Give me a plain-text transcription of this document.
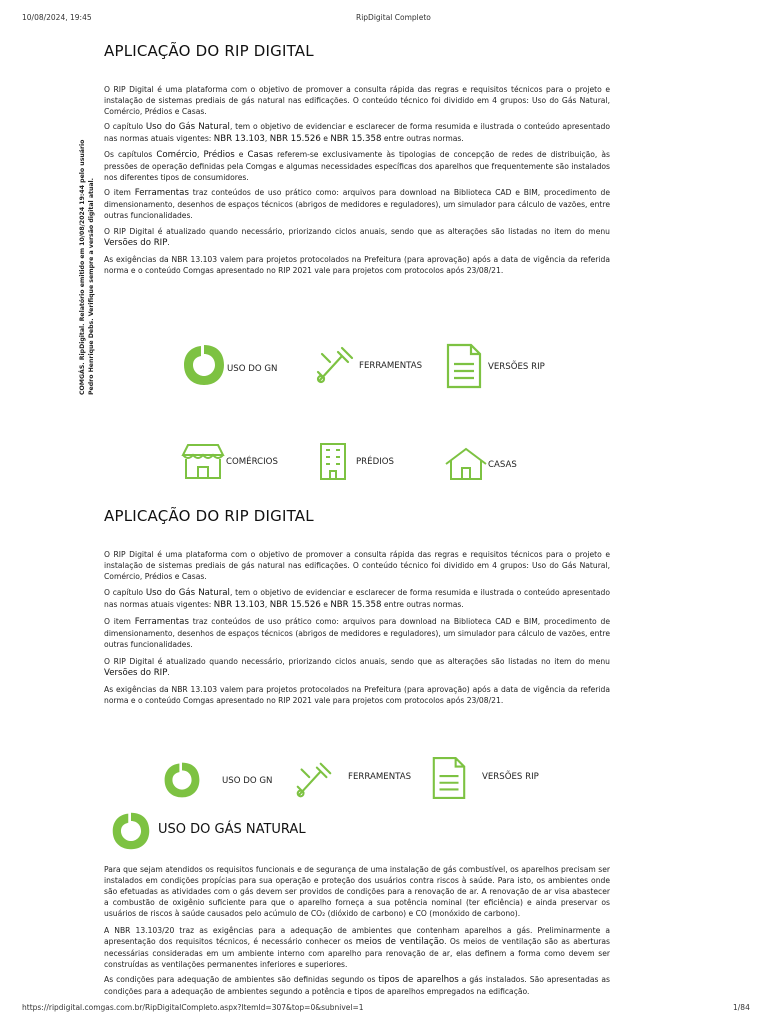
10/08/2024, 19:45	RipDigital Completo
https://ripdigital.comgas.com.br/RipDigitalCompleto.aspx?ItemId=307&top=0&subnivel=1	1/84
COMGÁS. RipDigital. Relatório emitido em 10/08/2024 19:44 pelo usuário Pedro Henrique Debs. Verifique sempre a versão digital atual.
APLICAÇÃO DO RIP DIGITAL

O RIP Digital é uma plataforma com o objetivo de promover a consulta rápida das regras e requisitos técnicos para o projeto e instalação de sistemas prediais de gás natural nas edificações. O conteúdo técnico foi dividido em 4 grupos: Uso do Gás Natural, Comércio, Prédios e Casas.

O capítulo Uso do Gás Natural, tem o objetivo de evidenciar e esclarecer de forma resumida e ilustrada o conteúdo apresentado nas normas atuais vigentes: NBR 13.103, NBR 15.526 e NBR 15.358 entre outras normas.

Os capítulos Comércio, Prédios e Casas referem-se exclusivamente às tipologias de concepção de redes de distribuição, às pressões de operação definidas pela Comgas e algumas necessidades específicas dos aparelhos que frequentemente são instalados nos diferentes tipos de consumidores.

O item Ferramentas traz conteúdos de uso prático como: arquivos para download na Biblioteca CAD e BIM, procedimento de dimensionamento, desenhos de espaços técnicos (abrigos de medidores e reguladores), um simulador para cálculo de vazões, entre outras funcionalidades.

O RIP Digital é atualizado quando necessário, priorizando ciclos anuais, sendo que as alterações são listadas no item do menu Versões do RIP.

As exigências da NBR 13.103 valem para projetos protocolados na Prefeitura (para aprovação) após a data de vigência da referida norma e o conteúdo Comgas apresentado no RIP 2021 vale para projetos com protocolos após 23/08/21.

USO DO GN	FERRAMENTAS	VERSÕES RIP
COMÉRCIOS	PRÉDIOS	CASAS
APLICAÇÃO DO RIP DIGITAL

O RIP Digital é uma plataforma com o objetivo de promover a consulta rápida das regras e requisitos técnicos para o projeto e instalação de sistemas prediais de gás natural nas edificações. O conteúdo técnico foi dividido em 4 grupos: Uso do Gás Natural, Comércio, Prédios e Casas.

O capítulo Uso do Gás Natural, tem o objetivo de evidenciar e esclarecer de forma resumida e ilustrada o conteúdo apresentado nas normas atuais vigentes: NBR 13.103, NBR 15.526 e NBR 15.358 entre outras normas.

O item Ferramentas traz conteúdos de uso prático como: arquivos para download na Biblioteca CAD e BIM, procedimento de dimensionamento, desenhos de espaços técnicos (abrigos de medidores e reguladores), um simulador para cálculo de vazões, entre outras funcionalidades.

O RIP Digital é atualizado quando necessário, priorizando ciclos anuais, sendo que as alterações são listadas no item do menu Versões do RIP.

As exigências da NBR 13.103 valem para projetos protocolados na Prefeitura (para aprovação) após a data de vigência da referida norma e o conteúdo Comgas apresentado no RIP 2021 vale para projetos com protocolos após 23/08/21.

USO DO GN	FERRAMENTAS	VERSÕES RIP
USO DO GÁS NATURAL

Para que sejam atendidos os requisitos funcionais e de segurança de uma instalação de gás combustível, os aparelhos precisam ser instalados em condições propícias para sua operação e proteção dos usuários contra riscos à saúde. Para isto, os ambientes onde são efetuadas as atividades com o gás devem ser providos de condições para a renovação de ar. A renovação de ar visa abastecer a combustão de oxigênio suficiente para que o aparelho forneça a sua potência nominal (ter eficiência) e ainda preservar os usuários de riscos à saúde causados pelo acúmulo de CO₂ (dióxido de carbono) e CO (monóxido de carbono).

A NBR 13.103/20 traz as exigências para a adequação de ambientes que contenham aparelhos a gás. Preliminarmente a apresentação dos requisitos técnicos, é necessário conhecer os meios de ventilação. Os meios de ventilação são as aberturas necessárias consideradas em um ambiente interno com aparelho para renovação de ar, elas definem a forma como devem ser construídas as ventilações permanentes inferiores e superiores.

As condições para adequação de ambientes são definidas segundo os tipos de aparelhos a gás instalados. São apresentadas as condições para a adequação de ambientes segundo a potência e tipos de aparelhos empregados na edificação.
